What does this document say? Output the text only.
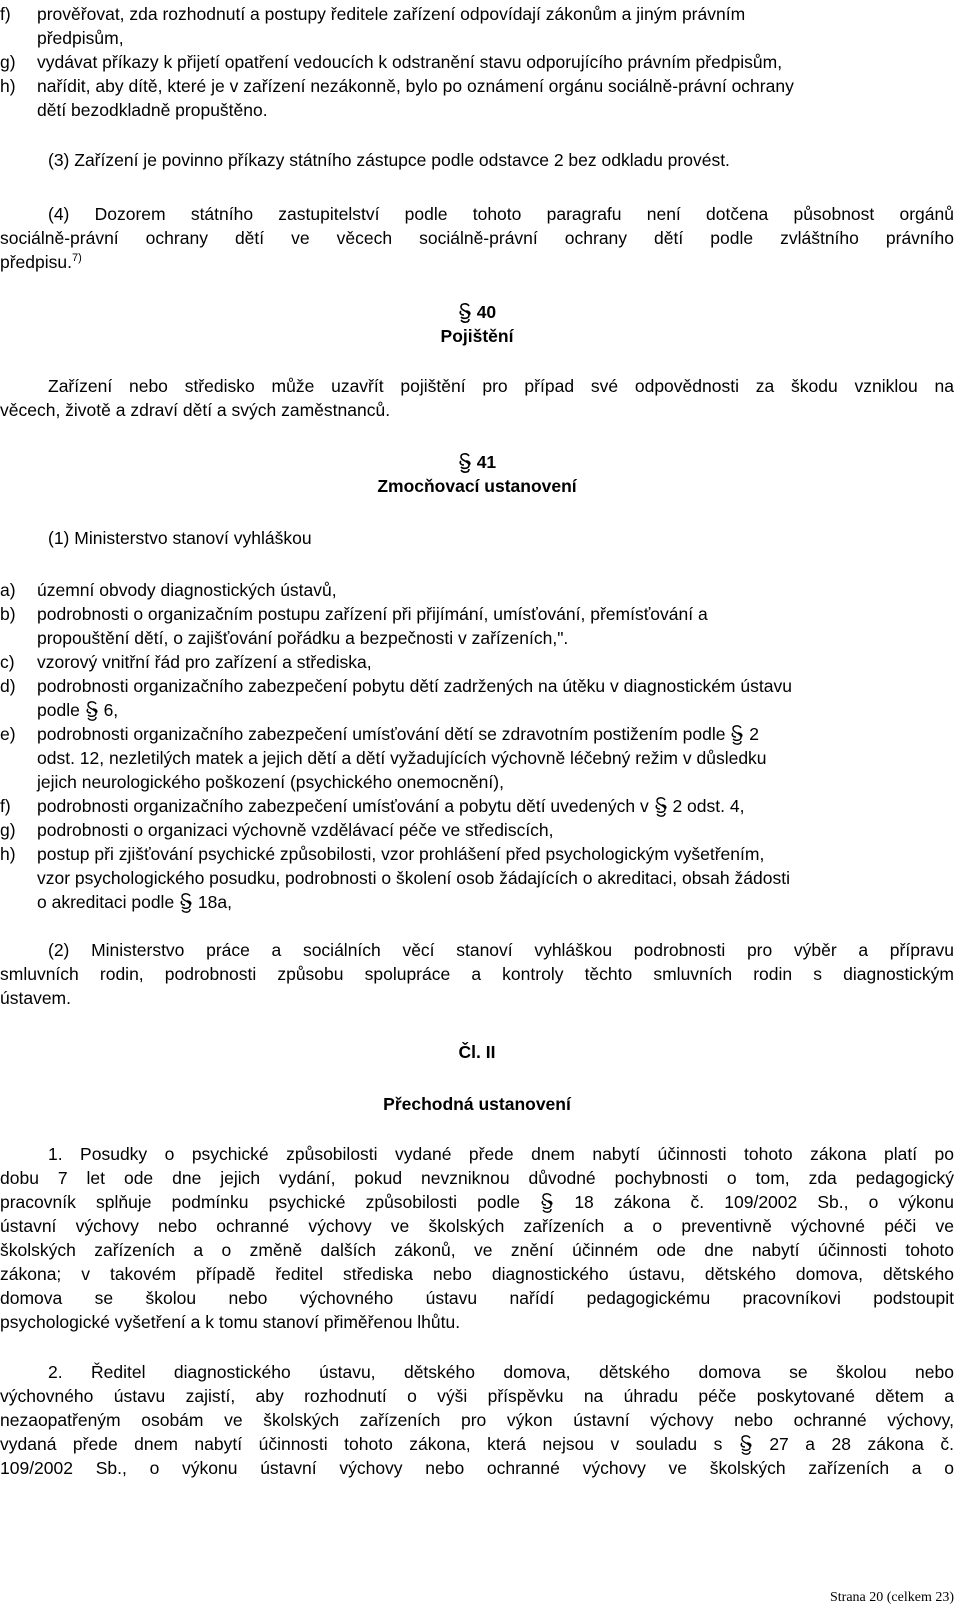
f) prověřovat, zda rozhodnutí a postupy ředitele zařízení odpovídají zákonům a jiným právním
předpisům,
g) vydávat příkazy k přijetí opatření vedoucích k odstranění stavu odporujícího právním předpisům,
h) nařídit, aby dítě, které je v zařízení nezákonně, bylo po oznámení orgánu sociálně-právní ochrany
dětí bezodkladně propuštěno.
(3) Zařízení je povinno příkazy státního zástupce podle odstavce 2 bez odkladu provést.
(4) Dozorem státního zastupitelství podle tohoto paragrafu není dotčena působnost orgánů
sociálně-právní ochrany dětí ve věcech sociálně-právní ochrany dětí podle zvláštního právního
předpisu.$^{7)}$
40
Pojištění
Zařízení nebo středisko může uzavřít pojištění pro případ své odpovědnosti za škodu vzniklou na
věcech, životě a zdraví dětí a svých zaměstnanců.
41
Zmocňovací ustanovení
(1) Ministerstvo stanoví vyhláškou
a) územní obvody diagnostických ústavů,
b) podrobnosti o organizačním postupu zařízení při přijímání, umísťování, přemísťování a
propouštění dětí, o zajišťování pořádku a bezpečnosti v zařízeních,".
c) vzorový vnitřní řád pro zařízení a střediska,
d) podrobnosti organizačního zabezpečení pobytu dětí zadržených na útěku v diagnostickém ústavu
podle 6,
e) podrobnosti organizačního zabezpečení umísťování dětí se zdravotním postižením podle 2
odst. 12, nezletilých matek a jejich dětí a dětí vyžadujících výchovně léčebný režim v důsledku
jejich neurologického poškození (psychického onemocnění),
f) podrobnosti organizačního zabezpečení umísťování a pobytu dětí uvedených v 2 odst. 4,
g) podrobnosti o organizaci výchovně vzdělávací péče ve střediscích,
h) postup při zjišťování psychické způsobilosti, vzor prohlášení před psychologickým vyšetřením,
vzor psychologického posudku, podrobnosti o školení osob žádajících o akreditaci, obsah žádosti
o akreditaci podle 18a,
(2) Ministerstvo práce a sociálních věcí stanoví vyhláškou podrobnosti pro výběr a přípravu
smluvních rodin, podrobnosti způsobu spolupráce a kontroly těchto smluvních rodin s diagnostickým
ústavem.
Čl. II
Přechodná ustanovení
1. Posudky o psychické způsobilosti vydané přede dnem nabytí účinnosti tohoto zákona platí po
dobu 7 let ode dne jejich vydání, pokud nevzniknou důvodné pochybnosti o tom, zda pedagogický
pracovník splňuje podmínku psychické způsobilosti podle	18 zákona č. 109/2002 Sb., o výkonu
ústavní výchovy nebo ochranné výchovy ve školských zařízeních a o preventivně výchovné péči ve
školských zařízeních a o změně dalších zákonů, ve znění účinném ode dne nabytí účinnosti tohoto
zákona; v takovém případě ředitel střediska nebo diagnostického ústavu, dětského domova, dětského
domova se školou nebo výchovného ústavu nařídí pedagogickému pracovníkovi podstoupit
psychologické vyšetření a k tomu stanoví přiměřenou lhůtu.
2. Ředitel diagnostického ústavu, dětského domova, dětského domova se školou nebo
výchovného ústavu zajistí, aby rozhodnutí o výši příspěvku na úhradu péče poskytované dětem a
nezaopatřeným osobám ve školských zařízeních pro výkon ústavní výchovy nebo ochranné výchovy,
vydaná přede dnem nabytí účinnosti tohoto zákona, která nejsou v souladu s	27 a 28 zákona č.
109/2002 Sb., o výkonu ústavní výchovy nebo ochranné výchovy ve školských zařízeních a o
Strana 20 (celkem 23)
